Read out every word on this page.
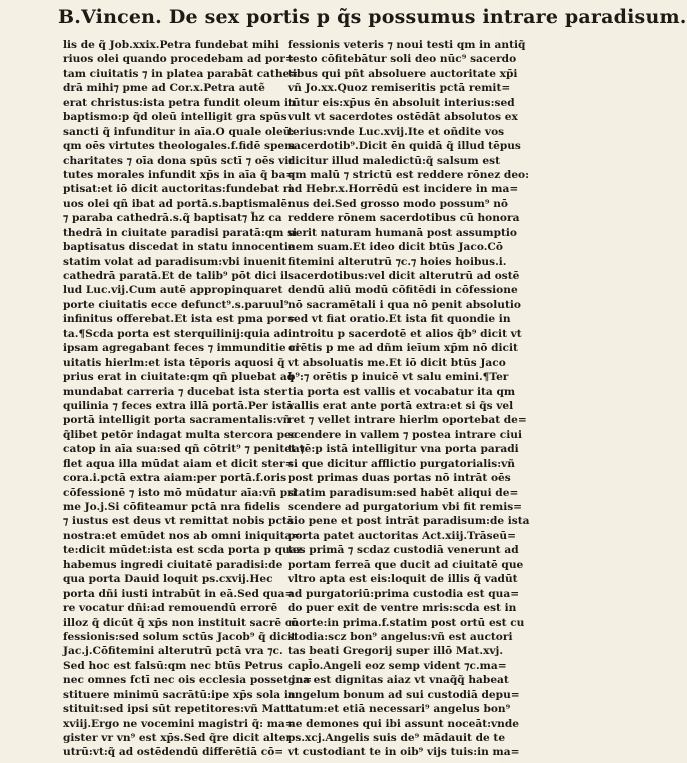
B.Vincen. De sex portis p q̃s possumus intrare paradisum.
lis de q̃ Job.xxix.Petra fundebat mihi
riuos olei quando procedebam ad por=
tam ciuitatis ⁊ in platea parabāt cathe=
drā mihi⁊ pme ad Cor.x.Petra autẽ
erat christus:ista petra fundit oleum in
baptismo:p q̃d oleū intelligit gra spūs
sancti q̃ infunditur in aīa.O quale oleū:
qm oēs virtutes theologales.f.fidē spem
charitates ⁊ oīa dona spūs sctī ⁊ oēs vir
tutes morales infundit xp̄s in aīa q̃ ba=
ptisat:et iō dicit auctoritas:fundebat ri
uos olei qñ ibat ad portā.s.baptismalē:
⁊ paraba cathedrā.s.q̃ baptisat⁊ h̃z ca
thedrā in ciuitate paradisi paratā:qm si
baptisatus discedat in statu innocentie
statim volat ad paradisum:vbi inuenit
cathedrā paratā.Et de talib⁹ pōt dici il
lud Luc.vij.Cum autē appropinquaret
porte ciuitatis ecce defunct⁹.s.paruul⁹
infinitus offerebat.Et ista est pma por=
ta.¶Scda porta est sterquilinij:quia ad
ipsam agregabant feces ⁊ immunditie ci
uitatis hierlm:et ista tēporis aquosi q̃
prius erat in ciuitate:qm qñ pluebat aq̃
mundabat carreria ⁊ ducebat ista ster
quilinia ⁊ feces extra illā portā.Per istā
portā intelligit porta sacramentalis:vñ
q̃libet petōr indagat multa stercora pec
catop in aīa sua:sed qñ cōtrit⁹ ⁊ penitet ⁊
flet aqua illa mūdat aiam et dicit ster=
cora.i.pctā extra aiam:per portā.f.oris
cōfessionē ⁊ isto mō mūdatur aīa:vñ pri
me Jo.j.Si cōfiteamur pctā nra fidelis
⁊ iustus est deus vt remittat nobis pctā
nostra:et emūdet nos ab omni iniquita=
te:dicit mūdet:ista est scda porta p quaz
habemus ingredi ciuitatē paradisi:de
qua porta Dauid loquit ps.cxvij.Hec
porta dñi iusti intrabūt in eā.Sed qua=
re vocatur dñi:ad remouendū errorē
illoz q̃ dicūt q̃ xp̄s non instituit sacrē cō
fessionis:sed solum sctūs Jacob⁹ q̃ dicit
Jac.j.Cōfitemini alterutrū pctā vra ⁊c.
Sed hoc est falsū:qm nec btūs Petrus
nec omnes fctī nec ois ecclesia posset in=
stituere minimū sacrātū:ipe xp̄s sola in
stituit:sed ipsi sūt repetitores:vñ Matt.
xviij.Ergo ne vocemini magistri q̃: ma=
gister vr vn⁹ est xp̄s.Sed q̃re dicit alter
utrū:vt:q̃ ad ostēdendū differētiā cō=
fessionis veteris ⁊ noui testi qm in antiq̃
testo cōfitebātur soli deo nūc⁹ sacerdo
tibus qui pñt absoluere auctoritate xp̄i
vñ Jo.xx.Quoz remiseritis pctā remit=
tūtur eis:xp̄us ēn absoluit interius:sed
vult vt sacerdotes ostēdāt absolutos ex
terius:vnde Luc.xvij.Ite et oñdite vos
sacerdotib⁹.Dicit ēn quidā q̃ illud tēpus
dicitur illud maledictū:q̃ salsum est
qm malū ⁊ strictū est reddere rōnez deo:
ad Hebr.x.Horrēdū est incidere in ma=
nus dei.Sed grosso modo possum⁹ nō
reddere rōnem sacerdotibus cū honora
uerit naturam humanā post assumptio
nem suam.Et ideo dicit btūs Jaco.Cō
fitemini alterutrū ⁊c.⁊ hoies hoibus.i.
sacerdotibus:vel dicit alterutrū ad ostē
dendū aliū modū cōfitēdi in cōfessione
nō sacramētali i qua nō penit absolutio
sed vt fiat oratio.Et ista fit quondie in
introitu p sacerdotē et alios q̃b⁹ dicit vt
orētis p me ad dñm ieīum xp̄m nō dicit
vt absoluatis me.Et iō dicit btūs Jaco
b⁹:⁊ orētis p inuicē vt salu emini.¶Ter
tia porta est vallis et vocabatur ita qm
vallis erat ante portā extra:et si q̃s vel
ret ⁊ vellet intrare hierlm oportebat de=
scendere in vallem ⁊ postea intrare ciui
tatē:p istā intelligitur vna porta paradi
si que dicitur afflictio purgatorialis:vñ
post primas duas portas nō intrāt oēs
statim paradisum:sed habēt aliqui de=
scendere ad purgatorium vbi fit remis=
sio pene et post intrāt paradisum:de ista
porta patet auctoritas Act.xiij.Trāseū=
tes primā ⁊ scdaz custodiā venerunt ad
portam ferreā que ducit ad ciuitatē que
vltro apta est eis:loquit de illis q̃ vadūt
ad purgatoriū:prima custodia est qua=
do puer exit de ventre mris:scda est in
morte:in prima.f.statim post ortū est cu
stodia:scz bon⁹ angelus:vñ est auctori
tas beati Gregorij super illō Mat.xvj.
capl̄o.Angeli eoz semp vident ⁊c.ma=
gna est dignitas aiaz vt vnaq̃q̃ habeat
angelum bonum ad sui custodiā depu=
tatum:et etiā necessari⁹ angelus bon⁹
ne demones qui ibi assunt noceāt:vnde
ps.xcj.Angelis suis de⁹ mādauit de te
vt custodiant te in oib⁹ vijs tuis:in ma=
